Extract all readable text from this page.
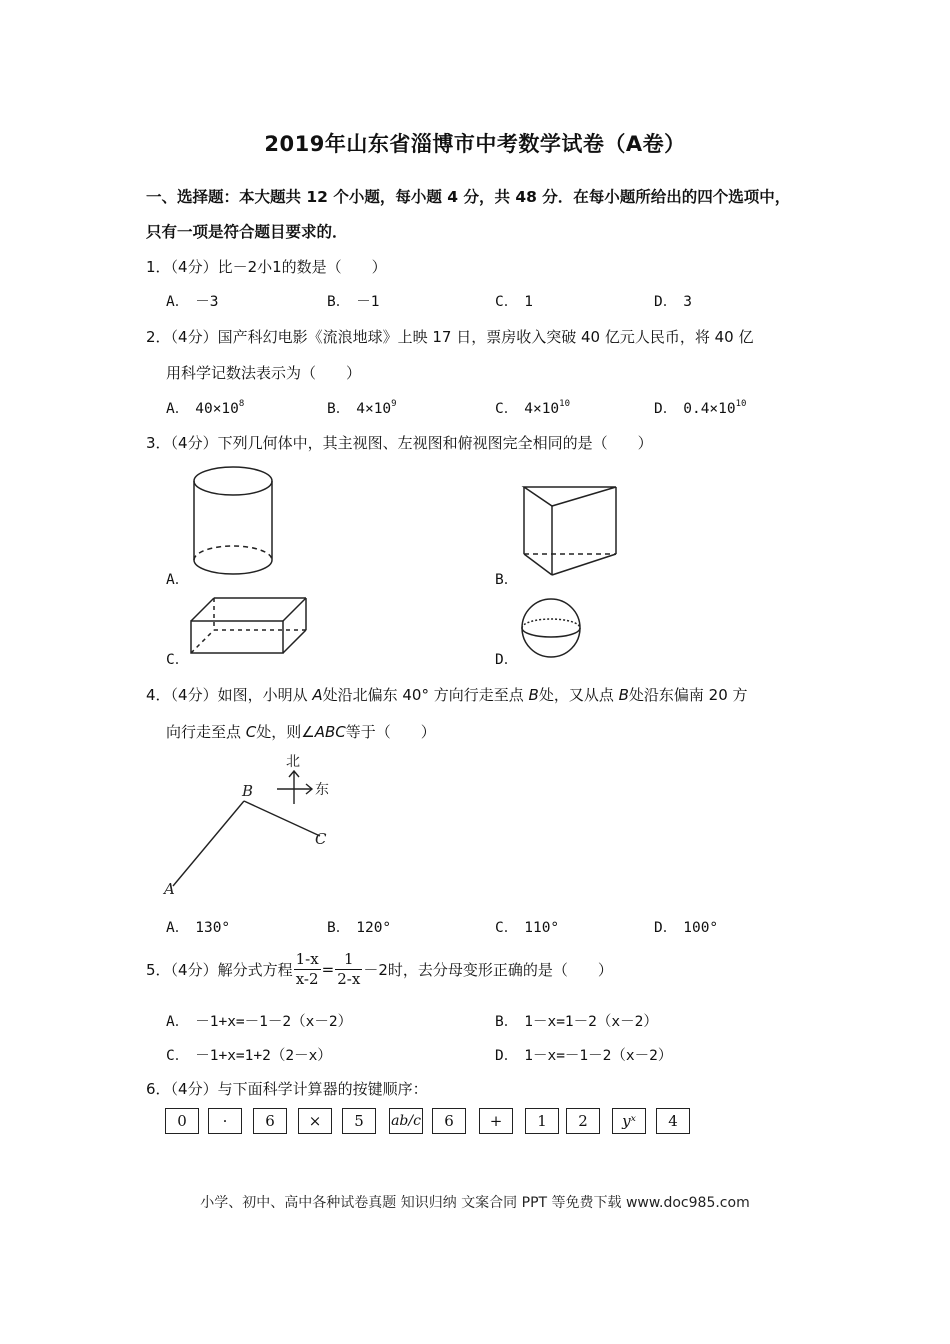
2019年山东省淄博市中考数学试卷（A卷）
一、选择题：本大题共 12 个小题，每小题 4 分，共 48 分．在每小题所给出的四个选项中，
只有一项是符合题目要求的．
1．（4分）比－2小1的数是（　　）
A． －3	B． －1	C． 1	D． 3
2．（4分）国产科幻电影《流浪地球》上映 17 日，票房收入突破 40 亿元人民币，将 40 亿
用科学记数法表示为（　　）
A． $40\times 10^8$	B． $4\times 10^9$	C． $4\times 10^{10}$	D． $0.4\times 10^{10}$
3．（4分）下列几何体中，其主视图、左视图和俯视图完全相同的是（　　）
A．	B．
C．	D．
4．（4分）如图，小明从 A处沿北偏东 40° 方向行走至点 B处，又从点 B处沿东偏南 20 方
向行走至点 C处，则∠ABC等于（　　）
A
B
C
北
东
A． 130°	B． 120°	C． 110°	D． 100°
5．（4分）解分式方程 $\frac{1-x}{x-2} = \frac{1}{2-x} -2$时，去分母变形正确的是（　　）
A． －1+x=－1－2（x－2）	B． 1－x=1－2（x－2）
C． －1+x=1+2（2－x）	D． 1－x=－1－2（x－2）
6．（4分）与下面科学计算器的按键顺序：
0	·	6	×	5	ab/c	6	+	1	2	yˣ	4
小学、初中、高中各种试卷真题 知识归纳 文案合同 PPT 等免费下载 www.doc985.com
